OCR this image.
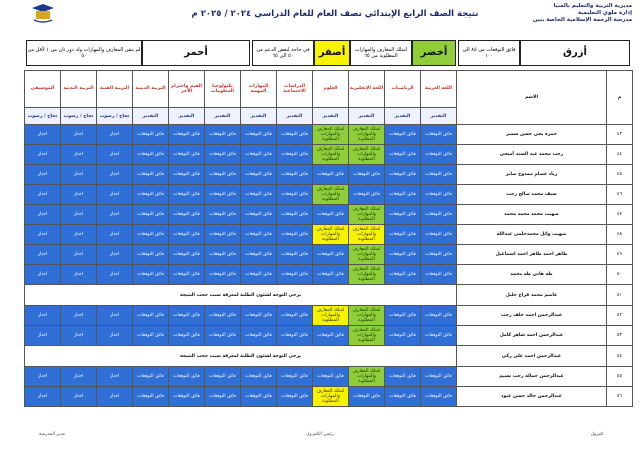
مديرية التربية والتعليم بالمنيا
إدارة ملوي التعليمية
مدرسة الرحمة الإسلامية الخاصة بنين
نتيجة الصف الرابع الإبتدائي نصف العام للعام الدراسي ٢٠٢٤ / ٢٠٢٥ م
فائق التوقعات من ٨٥ الى ١٠٠	أزرق
امتلك المعارف والمهارات المطلوبة من ٦٥	أخضر
في حاجة لبعض الدعم من ٥٠ الى ٦٥	أصفر
لم يتقن المعارف والمهارات وله دور ثان من ١ لأقل من ٥٠	أحمر
الموسيقى	التربية البدنية	التربية الفنية	التربية الدينية	القيم واحترام الآخر	تكنولوجيا المعلومات	المهارات المهنية	الدراسات الاجتماعية	العلوم	اللغة الإنجليزية	الرياضيات	اللغة العربية	الاسم	م
نجاح / رسوب	نجاح / رسوب	نجاح / رسوب	التقدير	التقدير	التقدير	التقدير	التقدير	التقدير	التقدير	التقدير	التقدير		
اجتاز	اجتاز	اجتاز	فائق التوقعات	فائق التوقعات	فائق التوقعات	فائق التوقعات	فائق التوقعات	امتلك المعارف والمهارات المطلوبة	امتلك المعارف والمهارات المطلوبة	فائق التوقعات	فائق التوقعات	حمزة يحي حسن سمير	٤٣
اجتاز	اجتاز	اجتاز	فائق التوقعات	فائق التوقعات	فائق التوقعات	فائق التوقعات	فائق التوقعات	امتلك المعارف والمهارات المطلوبة	امتلك المعارف والمهارات المطلوبة	فائق التوقعات	فائق التوقعات	رجب محمد عبد السند أمنحي	٤٤
اجتاز	اجتاز	اجتاز	فائق التوقعات	فائق التوقعات	فائق التوقعات	فائق التوقعات	فائق التوقعات	فائق التوقعات	فائق التوقعات	فائق التوقعات	فائق التوقعات	زياد عصام ممدوح صابر	٤٥
اجتاز	اجتاز	اجتاز	فائق التوقعات	فائق التوقعات	فائق التوقعات	فائق التوقعات	فائق التوقعات	امتلك المعارف والمهارات المطلوبة	فائق التوقعات	فائق التوقعات	فائق التوقعات	سيف محمد صالح رجب	٤٦
اجتاز	اجتاز	اجتاز	فائق التوقعات	فائق التوقعات	فائق التوقعات	فائق التوقعات	فائق التوقعات	فائق التوقعات	امتلك المعارف والمهارات المطلوبة	فائق التوقعات	فائق التوقعات	صهيب محمد محمد محمد	٤٧
اجتاز	اجتاز	اجتاز	فائق التوقعات	فائق التوقعات	فائق التوقعات	فائق التوقعات	فائق التوقعات	امتلك المعارف والمهارات المطلوبة	امتلك المعارف والمهارات المطلوبة	فائق التوقعات	فائق التوقعات	صهيب وائل محمدحلمي عبدالله	٤٨
اجتاز	اجتاز	اجتاز	فائق التوقعات	فائق التوقعات	فائق التوقعات	فائق التوقعات	فائق التوقعات	فائق التوقعات	امتلك المعارف والمهارات المطلوبة	فائق التوقعات	فائق التوقعات	طاهر احمد طاهر احمد اسماعيل	٤٩
اجتاز	اجتاز	اجتاز	فائق التوقعات	فائق التوقعات	فائق التوقعات	فائق التوقعات	فائق التوقعات	فائق التوقعات	امتلك المعارف والمهارات المطلوبة	فائق التوقعات	فائق التوقعات	طه هاني طه محمد	٥٠
يرجى التوجه لشئون الطلبة لمعرفة سبب حجب النتيجة												عاصم محمد فراج خليل	٥١
اجتاز	اجتاز	اجتاز	فائق التوقعات	فائق التوقعات	فائق التوقعات	فائق التوقعات	فائق التوقعات	امتلك المعارف والمهارات المطلوبة	امتلك المعارف والمهارات المطلوبة	فائق التوقعات	فائق التوقعات	عبدالرحمن احمد خلف رجب	٥٢
اجتاز	اجتاز	اجتاز	فائق التوقعات	فائق التوقعات	فائق التوقعات	فائق التوقعات	فائق التوقعات	فائق التوقعات	امتلك المعارف والمهارات المطلوبة	فائق التوقعات	فائق التوقعات	عبدالرحمن احمد شاهر كامل	٥٣
يرجى التوجه لشئون الطلبة لمعرفة سبب حجب النتيجة												عبدالرحمن احمد علي زكي	٥٤
اجتاز	اجتاز	اجتاز	فائق التوقعات	فائق التوقعات	فائق التوقعات	فائق التوقعات	فائق التوقعات	فائق التوقعات	امتلك المعارف والمهارات المطلوبة	فائق التوقعات	فائق التوقعات	عبدالرحمن جمالة رجب نسيم	٥٥
اجتاز	اجتاز	اجتاز	فائق التوقعات	فائق التوقعات	فائق التوقعات	فائق التوقعات	فائق التوقعات	امتلك المعارف والمهارات المطلوبة	فائق التوقعات	فائق التوقعات	فائق التوقعات	عبدالرحمن خالد حسن عبود	٥٦
مدير المدرسة	رئيس الكنترول	كنترول
